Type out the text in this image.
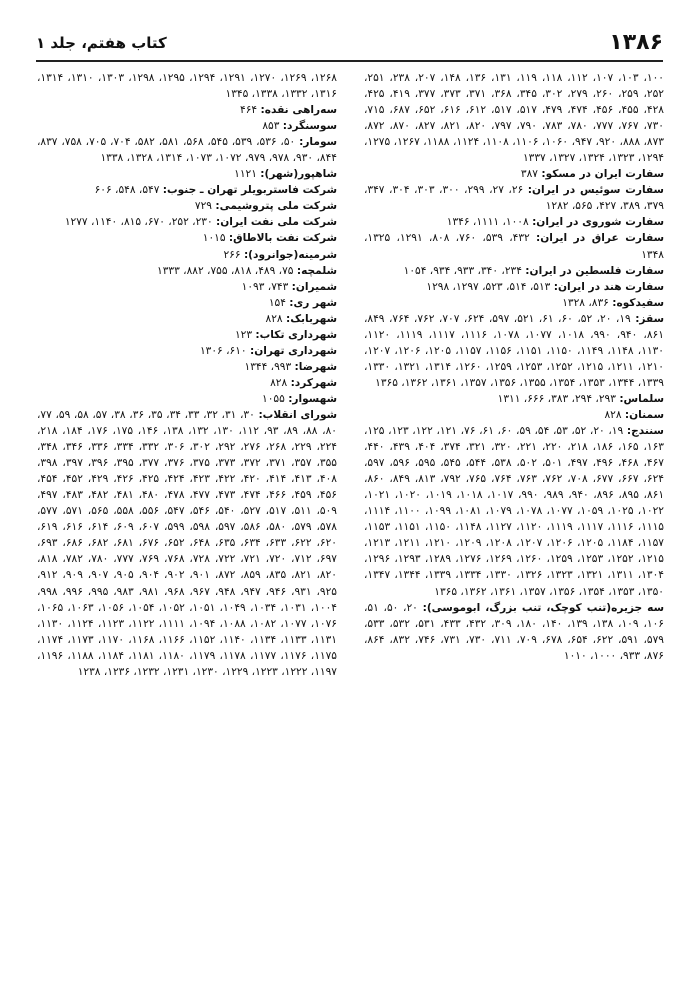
۱۳۸۶
کتاب هفتم، جلد ۱

۱۰۰، ۱۰۳، ۱۰۷، ۱۱۲، ۱۱۸، ۱۱۹، ۱۳۱، ۱۳۶، ۱۴۸، ۲۰۷، ۲۳۸، ۲۵۱، ۲۵۲، ۲۵۹، ۲۶۰، ۲۷۹، ۳۰۲، ۳۴۵، ۳۶۸، ۳۷۱، ۳۷۳، ۳۷۷، ۴۱۹، ۴۲۵، ۴۲۸، ۴۵۵، ۴۵۶، ۴۷۴، ۴۷۹، ۵۱۷، ۵۱۷، ۶۱۲، ۶۱۶، ۶۵۲، ۶۸۷، ۷۱۵، ۷۳۰، ۷۶۷، ۷۷۷، ۷۸۰، ۷۸۳، ۷۹۰، ۷۹۷، ۸۲۰، ۸۲۱، ۸۲۷، ۸۷۰، ۸۷۲، ۸۷۳، ۸۸۸، ۹۲۰، ۹۴۷، ۱۰۶۰، ۱۱۰۶، ۱۱۰۸، ۱۱۲۴، ۱۱۸۸، ۱۲۶۷، ۱۲۷۵، ۱۲۹۴، ۱۳۲۳، ۱۳۲۴، ۱۳۲۷، ۱۳۳۷

سفارت ایران در مسکو: ۳۸۷

سفارت سوئیس در ایران: ۲۶، ۲۷، ۲۹۹، ۳۰۰، ۳۰۳، ۳۰۴، ۳۴۷، ۳۷۹، ۳۸۹، ۴۲۷، ۵۶۵، ۱۲۸۲

سفارت شوروی در ایران: ۱۰۰۸، ۱۱۱۱، ۱۳۴۶

سفارت عراق در ایران: ۴۳۲، ۵۳۹، ۷۶۰، ۸۰۸، ۱۲۹۱، ۱۳۲۵، ۱۳۴۸

سفارت فلسطین در ایران: ۲۳۴، ۳۴۰، ۹۳۳، ۹۳۴، ۱۰۵۴

سفارت هند در ایران: ۵۱۳، ۵۱۴، ۵۲۳، ۱۲۹۷، ۱۲۹۸

سفیدکوه: ۸۳۶، ۱۳۲۸

سقز: ۱۹، ۲۰، ۵۲، ۶۰، ۶۱، ۵۲۱، ۵۹۷، ۶۲۴، ۷۰۷، ۷۶۲، ۷۶۴، ۸۴۹، ۸۶۱، ۹۴۰، ۹۹۰، ۱۰۱۸، ۱۰۷۷، ۱۰۷۸، ۱۱۱۶، ۱۱۱۷، ۱۱۱۹، ۱۱۲۰، ۱۱۳۰، ۱۱۴۸، ۱۱۴۹، ۱۱۵۰، ۱۱۵۱، ۱۱۵۶، ۱۱۵۷، ۱۲۰۵، ۱۲۰۶، ۱۲۰۷، ۱۲۱۰، ۱۲۱۱، ۱۲۱۵، ۱۲۵۲، ۱۲۵۳، ۱۲۵۹، ۱۲۶۰، ۱۳۱۴، ۱۳۲۱، ۱۳۳۰، ۱۳۳۹، ۱۳۴۴، ۱۳۵۳، ۱۳۵۴، ۱۳۵۵، ۱۳۵۶، ۱۳۵۷، ۱۳۶۱، ۱۳۶۲، ۱۳۶۵

سلماس: ۲۹۳، ۲۹۴، ۳۸۳، ۶۶۶، ۱۳۱۱

سمنان: ۸۲۸

سنندج: ۱۹، ۲۰، ۵۲، ۵۳، ۵۴، ۵۹، ۶۰، ۶۱، ۷۶، ۱۲۱، ۱۲۲، ۱۲۳، ۱۲۵، ۱۶۳، ۱۶۵، ۱۸۶، ۲۱۸، ۲۲۰، ۲۲۱، ۳۲۰، ۳۲۱، ۳۷۴، ۴۰۴، ۴۳۹، ۴۴۰، ۴۶۷، ۴۶۸، ۴۹۶، ۴۹۷، ۵۰۱، ۵۰۲، ۵۳۸، ۵۴۴، ۵۴۵، ۵۹۵، ۵۹۶، ۵۹۷، ۶۲۴، ۶۶۷، ۶۷۷، ۷۰۸، ۷۶۲، ۷۶۳، ۷۶۴، ۷۶۵، ۷۹۲، ۸۱۳، ۸۴۹، ۸۶۰، ۸۶۱، ۸۹۵، ۸۹۶، ۹۴۰، ۹۸۹، ۹۹۰، ۱۰۱۷، ۱۰۱۸، ۱۰۱۹، ۱۰۲۰، ۱۰۲۱، ۱۰۲۲، ۱۰۲۵، ۱۰۵۹، ۱۰۷۷، ۱۰۷۸، ۱۰۷۹، ۱۰۸۱، ۱۰۹۹، ۱۱۰۰، ۱۱۱۴، ۱۱۱۵، ۱۱۱۶، ۱۱۱۷، ۱۱۱۹، ۱۱۲۰، ۱۱۲۷، ۱۱۴۸، ۱۱۵۰، ۱۱۵۱، ۱۱۵۳، ۱۱۵۷، ۱۱۸۴، ۱۲۰۵، ۱۲۰۶، ۱۲۰۷، ۱۲۰۸، ۱۲۰۹، ۱۲۱۰، ۱۲۱۱، ۱۲۱۳، ۱۲۱۵، ۱۲۵۲، ۱۲۵۳، ۱۲۵۹، ۱۲۶۰، ۱۲۶۹، ۱۲۷۶، ۱۲۸۹، ۱۲۹۳، ۱۲۹۶، ۱۳۰۴، ۱۳۱۱، ۱۳۲۱، ۱۳۲۳، ۱۳۲۶، ۱۳۳۰، ۱۳۳۴، ۱۳۳۹، ۱۳۴۴، ۱۳۴۷، ۱۳۵۰، ۱۳۵۳، ۱۳۵۴، ۱۳۵۶، ۱۳۵۷، ۱۳۶۱، ۱۳۶۲، ۱۳۶۵

سه جزیره(تنب کوچک، تنب بزرگ، ابوموسی): ۲۰، ۵۰، ۵۱، ۱۰۶، ۱۰۹، ۱۳۸، ۱۳۹، ۱۴۰، ۱۸۰، ۳۰۹، ۴۳۲، ۴۳۳، ۵۳۱، ۵۳۲، ۵۳۳، ۵۷۹، ۵۹۱، ۶۲۲، ۶۵۴، ۶۷۸، ۷۰۹، ۷۱۱، ۷۳۰، ۷۳۱، ۷۴۶، ۸۳۲، ۸۶۴، ۸۷۶، ۹۳۳، ۱۰۰۰، ۱۰۱۰

۱۲۶۸، ۱۲۶۹، ۱۲۷۰، ۱۲۹۱، ۱۲۹۴، ۱۲۹۵، ۱۲۹۸، ۱۳۰۳، ۱۳۱۰، ۱۳۱۴، ۱۳۱۶، ۱۳۳۲، ۱۳۳۸، ۱۳۴۵

سه‌راهی نقده: ۴۶۴

سوسنگرد: ۸۵۳

سومار: ۵۰، ۵۳۶، ۵۳۹، ۵۴۵، ۵۶۸، ۵۸۱، ۵۸۲، ۷۰۴، ۷۰۵، ۷۵۸، ۸۳۷، ۸۴۴، ۹۳۰، ۹۷۸، ۹۷۹، ۱۰۷۲، ۱۰۷۳، ۱۳۱۴، ۱۳۲۸، ۱۳۳۸

شاهپور(شهر): ۱۱۲۱

شرکت فاستربویلر تهران ـ جنوب: ۵۴۷، ۵۴۸، ۶۰۶

شرکت ملی پتروشیمی: ۷۲۹

شرکت ملی نفت ایران: ۲۳۰، ۲۵۲، ۶۷۰، ۸۱۵، ۱۱۴۰، ۱۲۷۷

شرکت نفت بالاطاق: ۱۰۱۵

شرمینه(جوانرود): ۲۶۶

شلمچه: ۷۵، ۴۸۹، ۸۱۸، ۷۵۵، ۸۸۲، ۱۳۳۳

شمیران: ۷۴۳، ۱۰۹۳

شهر ری: ۱۵۴

شهربابک: ۸۲۸

شهرداری تکاب: ۱۲۳

شهرداری تهران: ۶۱۰، ۱۳۰۶

شهرضا: ۹۹۳، ۱۳۴۴

شهرکرد: ۸۲۸

شهسوار: ۱۰۵۵

شورای انقلاب: ۳۰، ۳۱، ۳۲، ۳۳، ۳۴، ۳۵، ۳۶، ۳۸، ۵۷، ۵۸، ۵۹، ۷۷، ۸۰، ۸۸، ۸۹، ۹۳، ۱۱۲، ۱۳۰، ۱۳۲، ۱۳۸، ۱۴۶، ۱۷۵، ۱۷۶، ۱۸۴، ۲۱۸، ۲۲۴، ۲۲۹، ۲۶۸، ۲۷۶، ۲۹۲، ۳۰۲، ۳۰۶، ۳۳۲، ۳۳۴، ۳۳۶، ۳۴۶، ۳۴۸، ۳۵۵، ۳۵۷، ۳۷۱، ۳۷۲، ۳۷۳، ۳۷۵، ۳۷۶، ۳۷۷، ۳۹۵، ۳۹۶، ۳۹۷، ۳۹۸، ۴۰۸، ۴۱۳، ۴۱۴، ۴۲۰، ۴۲۲، ۴۲۳، ۴۲۴، ۴۲۵، ۴۲۶، ۴۲۹، ۴۵۲، ۴۵۴، ۴۵۶، ۴۵۹، ۴۶۶، ۴۷۴، ۴۷۳، ۴۷۷، ۴۷۸، ۴۸۰، ۴۸۱، ۴۸۲، ۴۸۳، ۴۹۷، ۵۰۹، ۵۱۱، ۵۱۷، ۵۲۷، ۵۴۰، ۵۴۶، ۵۴۷، ۵۵۶، ۵۵۸، ۵۶۵، ۵۷۱، ۵۷۷، ۵۷۸، ۵۷۹، ۵۸۰، ۵۸۶، ۵۹۷، ۵۹۸، ۵۹۹، ۶۰۷، ۶۰۹، ۶۱۴، ۶۱۶، ۶۱۹، ۶۲۰، ۶۲۲، ۶۳۳، ۶۳۴، ۶۳۵، ۶۴۸، ۶۵۲، ۶۷۶، ۶۸۱، ۶۸۲، ۶۸۶، ۶۹۳، ۶۹۷، ۷۱۲، ۷۲۰، ۷۲۱، ۷۲۲، ۷۲۸، ۷۶۸، ۷۶۹، ۷۷۷، ۷۸۰، ۷۸۲، ۸۱۸، ۸۲۰، ۸۲۱، ۸۳۵، ۸۵۹، ۸۷۲، ۹۰۱، ۹۰۲، ۹۰۴، ۹۰۵، ۹۰۷، ۹۰۹، ۹۱۲، ۹۲۵، ۹۳۱، ۹۴۶، ۹۴۷، ۹۴۸، ۹۶۷، ۹۶۸، ۹۸۱، ۹۸۳، ۹۹۵، ۹۹۶، ۹۹۸، ۱۰۰۴، ۱۰۳۱، ۱۰۳۴، ۱۰۴۹، ۱۰۵۱، ۱۰۵۲، ۱۰۵۴، ۱۰۵۶، ۱۰۶۳، ۱۰۶۵، ۱۰۷۶، ۱۰۷۷، ۱۰۸۲، ۱۰۸۸، ۱۰۹۴، ۱۱۱۱، ۱۱۲۲، ۱۱۲۳، ۱۱۲۴، ۱۱۳۰، ۱۱۳۱، ۱۱۳۳، ۱۱۳۴، ۱۱۴۰، ۱۱۵۲، ۱۱۶۶، ۱۱۶۸، ۱۱۷۰، ۱۱۷۳، ۱۱۷۴، ۱۱۷۵، ۱۱۷۶، ۱۱۷۷، ۱۱۷۸، ۱۱۷۹، ۱۱۸۰، ۱۱۸۱، ۱۱۸۴، ۱۱۸۸، ۱۱۹۶، ۱۱۹۷، ۱۲۲۲، ۱۲۲۳، ۱۲۲۹، ۱۲۳۰، ۱۲۳۱، ۱۲۳۲، ۱۲۳۶، ۱۲۳۸
